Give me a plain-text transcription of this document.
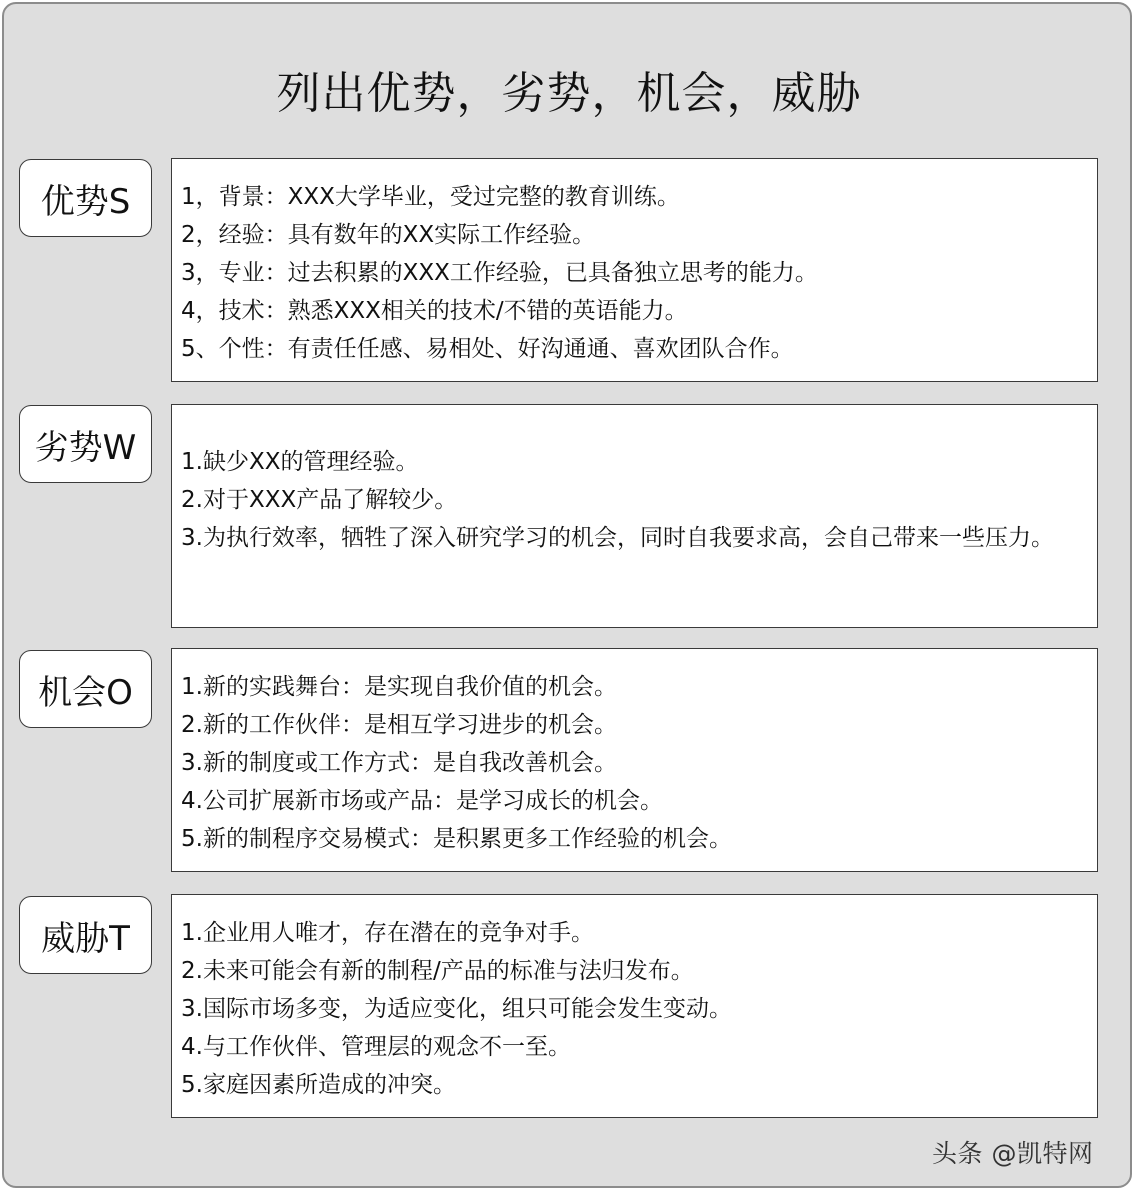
列出优势，劣势，机会，威胁
优势S	1，背景：XXX大学毕业，受过完整的教育训练。
2，经验：具有数年的XX实际工作经验。
3，专业：过去积累的XXX工作经验，已具备独立思考的能力。
4，技术：熟悉XXX相关的技术/不错的英语能力。
5、个性：有责任任感、易相处、好沟通通、喜欢团队合作。
劣势W	1.缺少XX的管理经验。
2.对于XXX产品了解较少。
3.为执行效率，牺牲了深入研究学习的机会，同时自我要求高，会自己带来一些压力。
机会O	1.新的实践舞台：是实现自我价值的机会。
2.新的工作伙伴：是相互学习进步的机会。
3.新的制度或工作方式：是自我改善机会。
4.公司扩展新市场或产品：是学习成长的机会。
5.新的制程序交易模式：是积累更多工作经验的机会。
威胁T	1.企业用人唯才，存在潜在的竞争对手。
2.未来可能会有新的制程/产品的标准与法归发布。
3.国际市场多变，为适应变化，组只可能会发生变动。
4.与工作伙伴、管理层的观念不一至。
5.家庭因素所造成的冲突。
头条 @凯特网
